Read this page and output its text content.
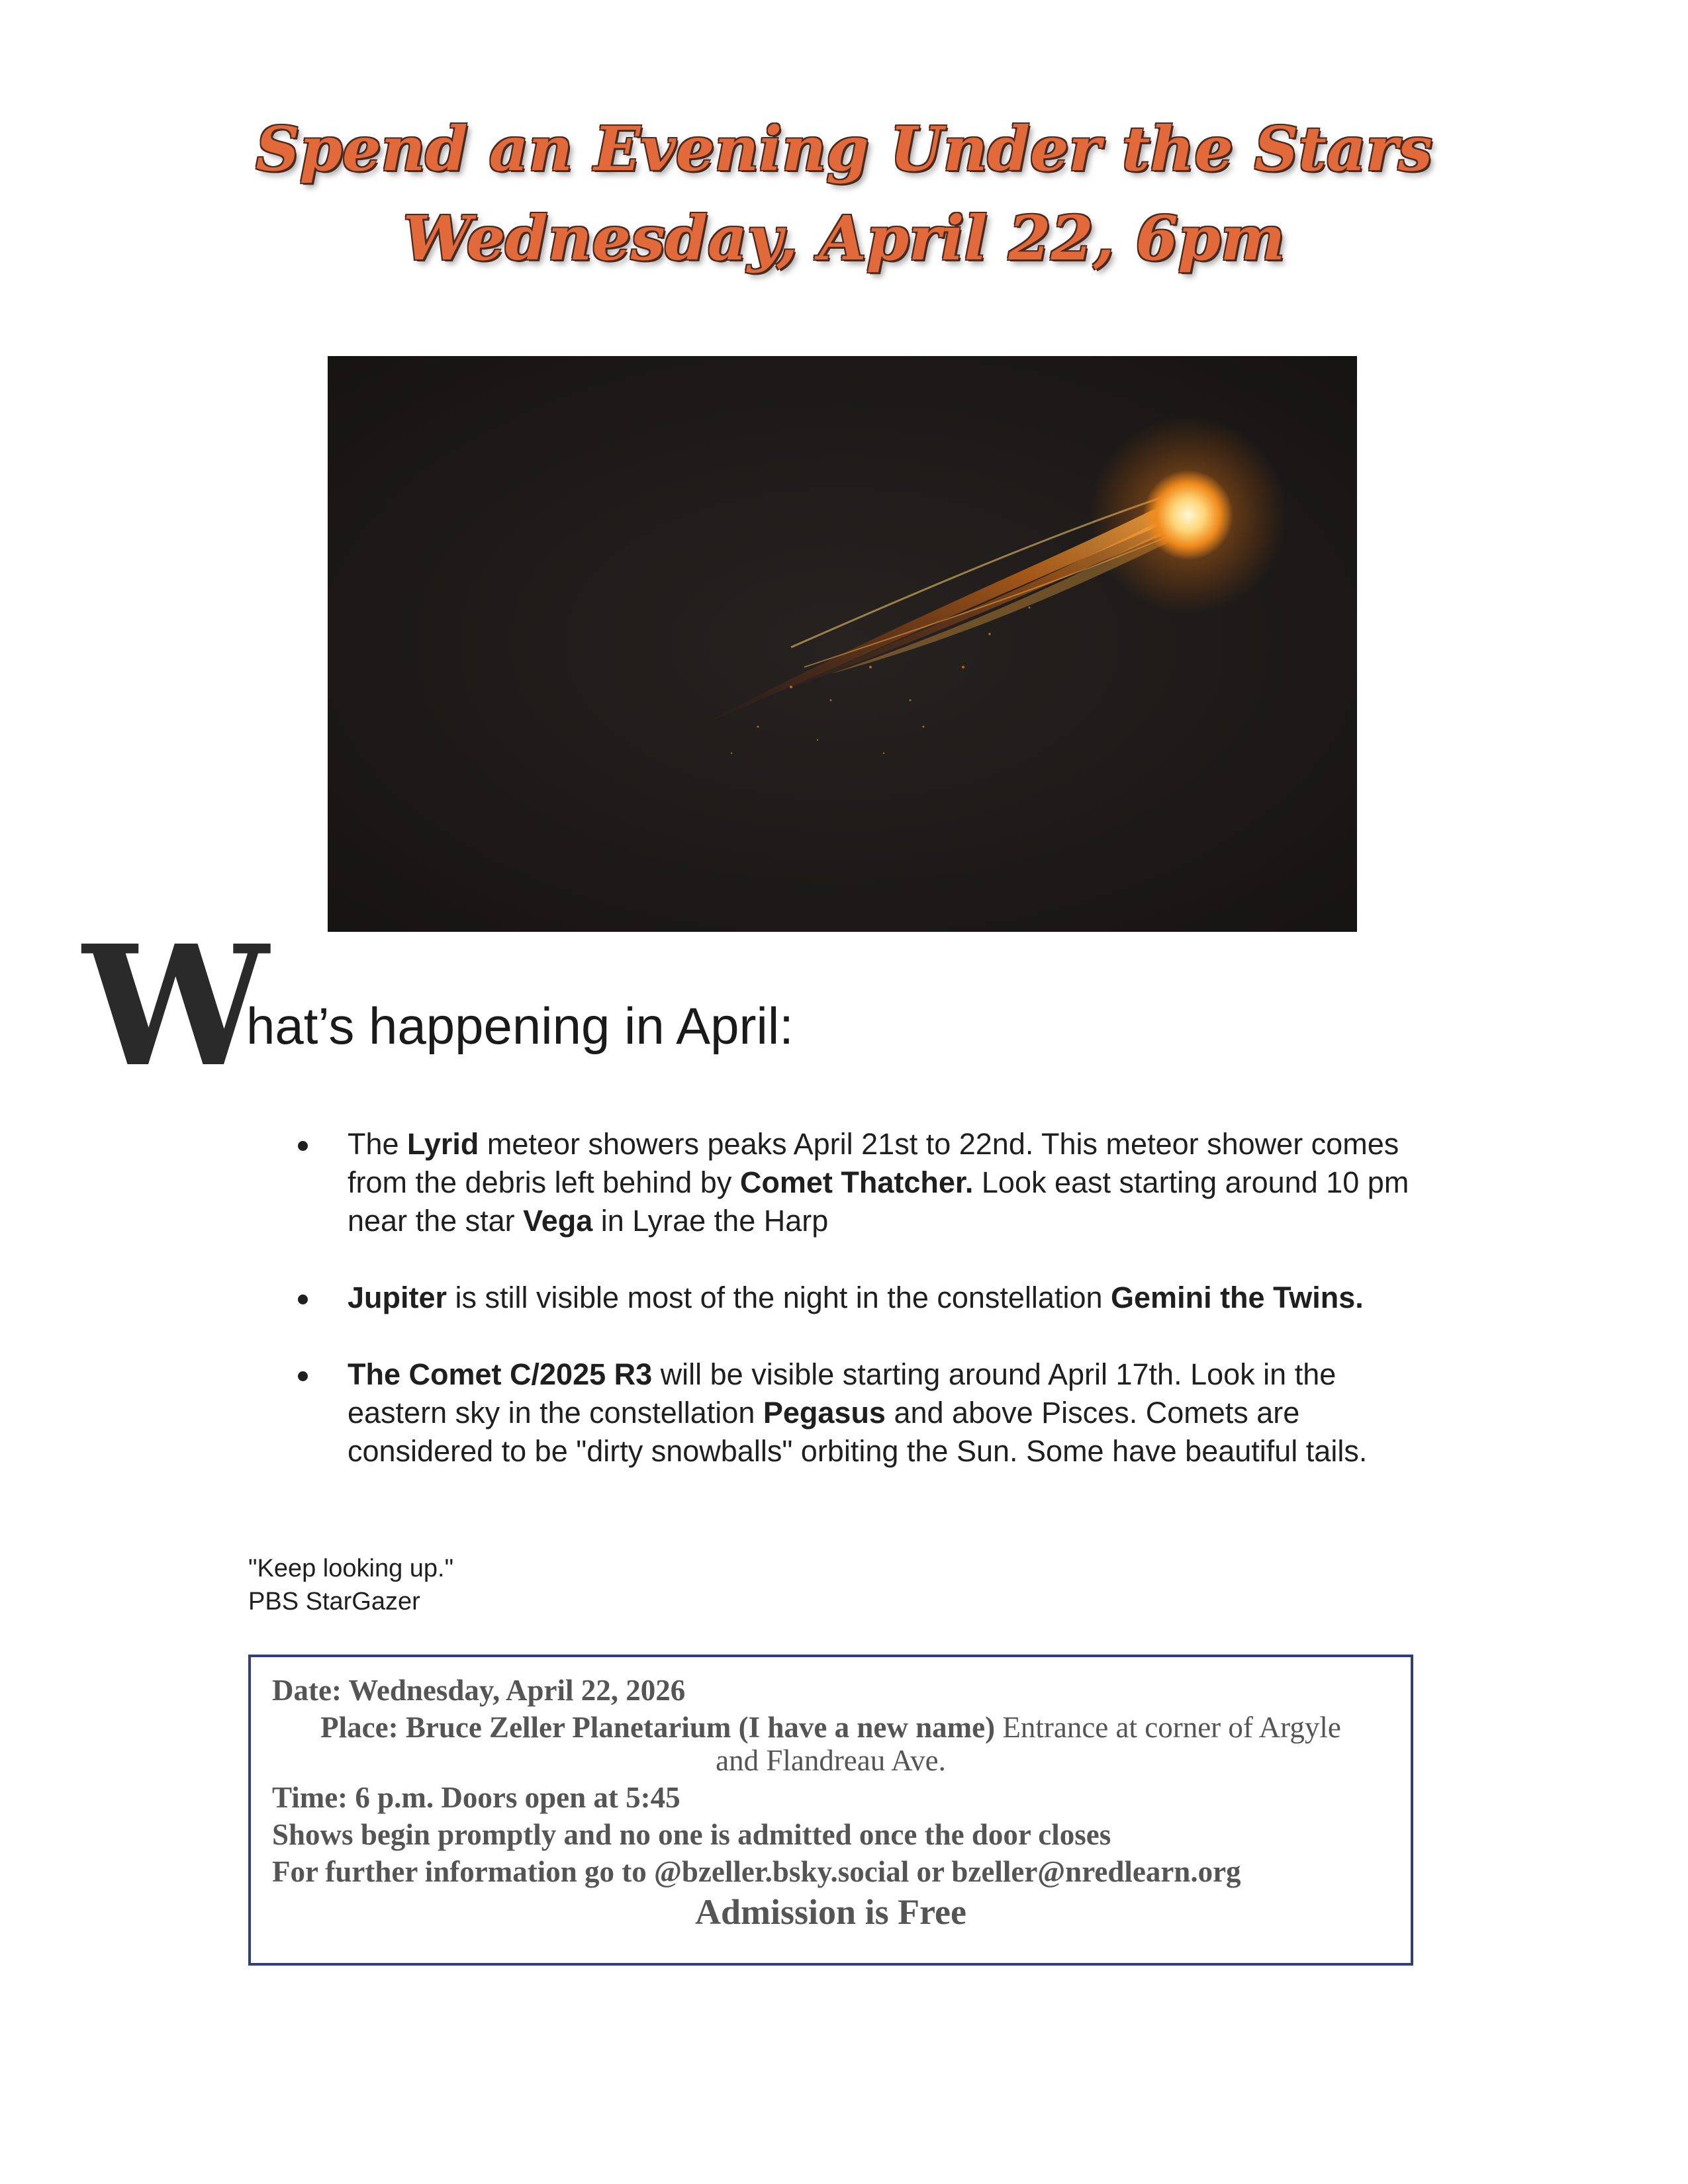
Spend an Evening Under the Stars
Wednesday, April 22, 6pm
W
hat’s happening in April:
The Lyrid meteor showers peaks April 21st to 22nd. This meteor shower comes from the debris left behind by Comet Thatcher. Look east starting around 10 pm near the star Vega in Lyrae the Harp
Jupiter is still visible most of the night in the constellation Gemini the Twins.
The Comet C/2025 R3 will be visible starting around April 17th. Look in the eastern sky in the constellation Pegasus and above Pisces. Comets are considered to be "dirty snowballs" orbiting the Sun. Some have beautiful tails.
"Keep looking up."
PBS StarGazer
Date: Wednesday, April 22, 2026
Place: Bruce Zeller Planetarium (I have a new name) Entrance at corner of Argyle
and Flandreau Ave.
Time: 6 p.m. Doors open at 5:45
Shows begin promptly and no one is admitted once the door closes
For further information go to @bzeller.bsky.social or bzeller@nredlearn.org
Admission is Free
